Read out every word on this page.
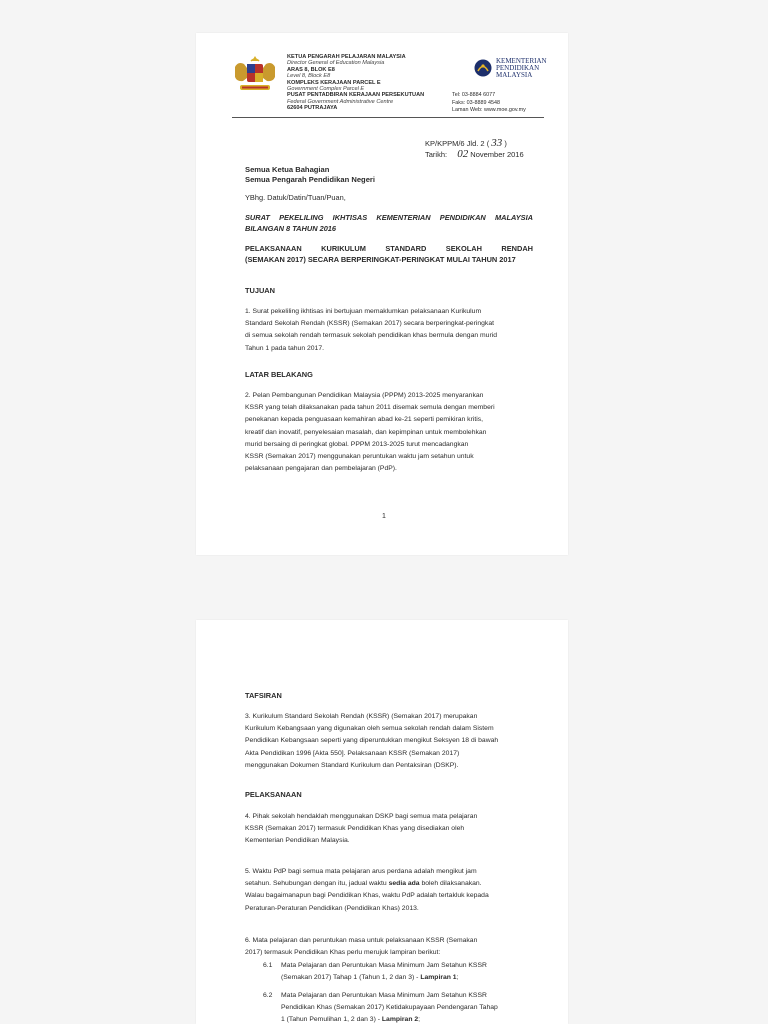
KETUA PENGARAH PELAJARAN MALAYSIA
Director General of Education Malaysia
ARAS 8, BLOK E8
Level 8, Block E8
KOMPLEKS KERAJAAN PARCEL E
Government Complex Parcel E
PUSAT PENTADBIRAN KERAJAAN PERSEKUTUAN
Federal Government Administrative Centre
62604 PUTRAJAYA
KEMENTERIAN
PENDIDIKAN
MALAYSIA
Tel: 03-8884 6077
Faks: 03-8889 4548
Laman Web: www.moe.gov.my
KP/KPPM/6 Jld. 2 ( 33 )
Tarikh: 02 November 2016
Semua Ketua Bahagian
Semua Pengarah Pendidikan Negeri
YBhg. Datuk/Datin/Tuan/Puan,
SURAT PEKELILING IKHTISAS KEMENTERIAN PENDIDIKAN MALAYSIA
BILANGAN 8 TAHUN 2016
PELAKSANAAN KURIKULUM STANDARD SEKOLAH RENDAH
(SEMAKAN 2017) SECARA BERPERINGKAT-PERINGKAT MULAI TAHUN 2017
TUJUAN
1. Surat pekeliling ikhtisas ini bertujuan memaklumkan pelaksanaan Kurikulum
Standard Sekolah Rendah (KSSR) (Semakan 2017) secara berperingkat-peringkat
di semua sekolah rendah termasuk sekolah pendidikan khas bermula dengan murid
Tahun 1 pada tahun 2017.
LATAR BELAKANG
2. Pelan Pembangunan Pendidikan Malaysia (PPPM) 2013-2025 menyarankan
KSSR yang telah dilaksanakan pada tahun 2011 disemak semula dengan memberi
penekanan kepada penguasaan kemahiran abad ke-21 seperti pemikiran kritis,
kreatif dan inovatif, penyelesaian masalah, dan kepimpinan untuk membolehkan
murid bersaing di peringkat global. PPPM 2013-2025 turut mencadangkan
KSSR (Semakan 2017) menggunakan peruntukan waktu jam setahun untuk
pelaksanaan pengajaran dan pembelajaran (PdP).
1
TAFSIRAN
3. Kurikulum Standard Sekolah Rendah (KSSR) (Semakan 2017) merupakan
Kurikulum Kebangsaan yang digunakan oleh semua sekolah rendah dalam Sistem
Pendidikan Kebangsaan seperti yang diperuntukkan mengikut Seksyen 18 di bawah
Akta Pendidikan 1996 [Akta 550]. Pelaksanaan KSSR (Semakan 2017)
menggunakan Dokumen Standard Kurikulum dan Pentaksiran (DSKP).
PELAKSANAAN
4. Pihak sekolah hendaklah menggunakan DSKP bagi semua mata pelajaran
KSSR (Semakan 2017) termasuk Pendidikan Khas yang disediakan oleh
Kementerian Pendidikan Malaysia.
5. Waktu PdP bagi semua mata pelajaran arus perdana adalah mengikut jam
setahun. Sehubungan dengan itu, jadual waktu sedia ada boleh dilaksanakan.
Walau bagaimanapun bagi Pendidikan Khas, waktu PdP adalah tertakluk kepada
Peraturan-Peraturan Pendidikan (Pendidikan Khas) 2013.
6. Mata pelajaran dan peruntukan masa untuk pelaksanaan KSSR (Semakan
2017) termasuk Pendidikan Khas perlu merujuk lampiran berikut:
6.1 Mata Pelajaran dan Peruntukan Masa Minimum Jam Setahun KSSR
(Semakan 2017) Tahap 1 (Tahun 1, 2 dan 3) - Lampiran 1;
6.2 Mata Pelajaran dan Peruntukan Masa Minimum Jam Setahun KSSR
Pendidikan Khas (Semakan 2017) Ketidakupayaan Pendengaran Tahap
1 (Tahun Pemulihan 1, 2 dan 3) - Lampiran 2;
